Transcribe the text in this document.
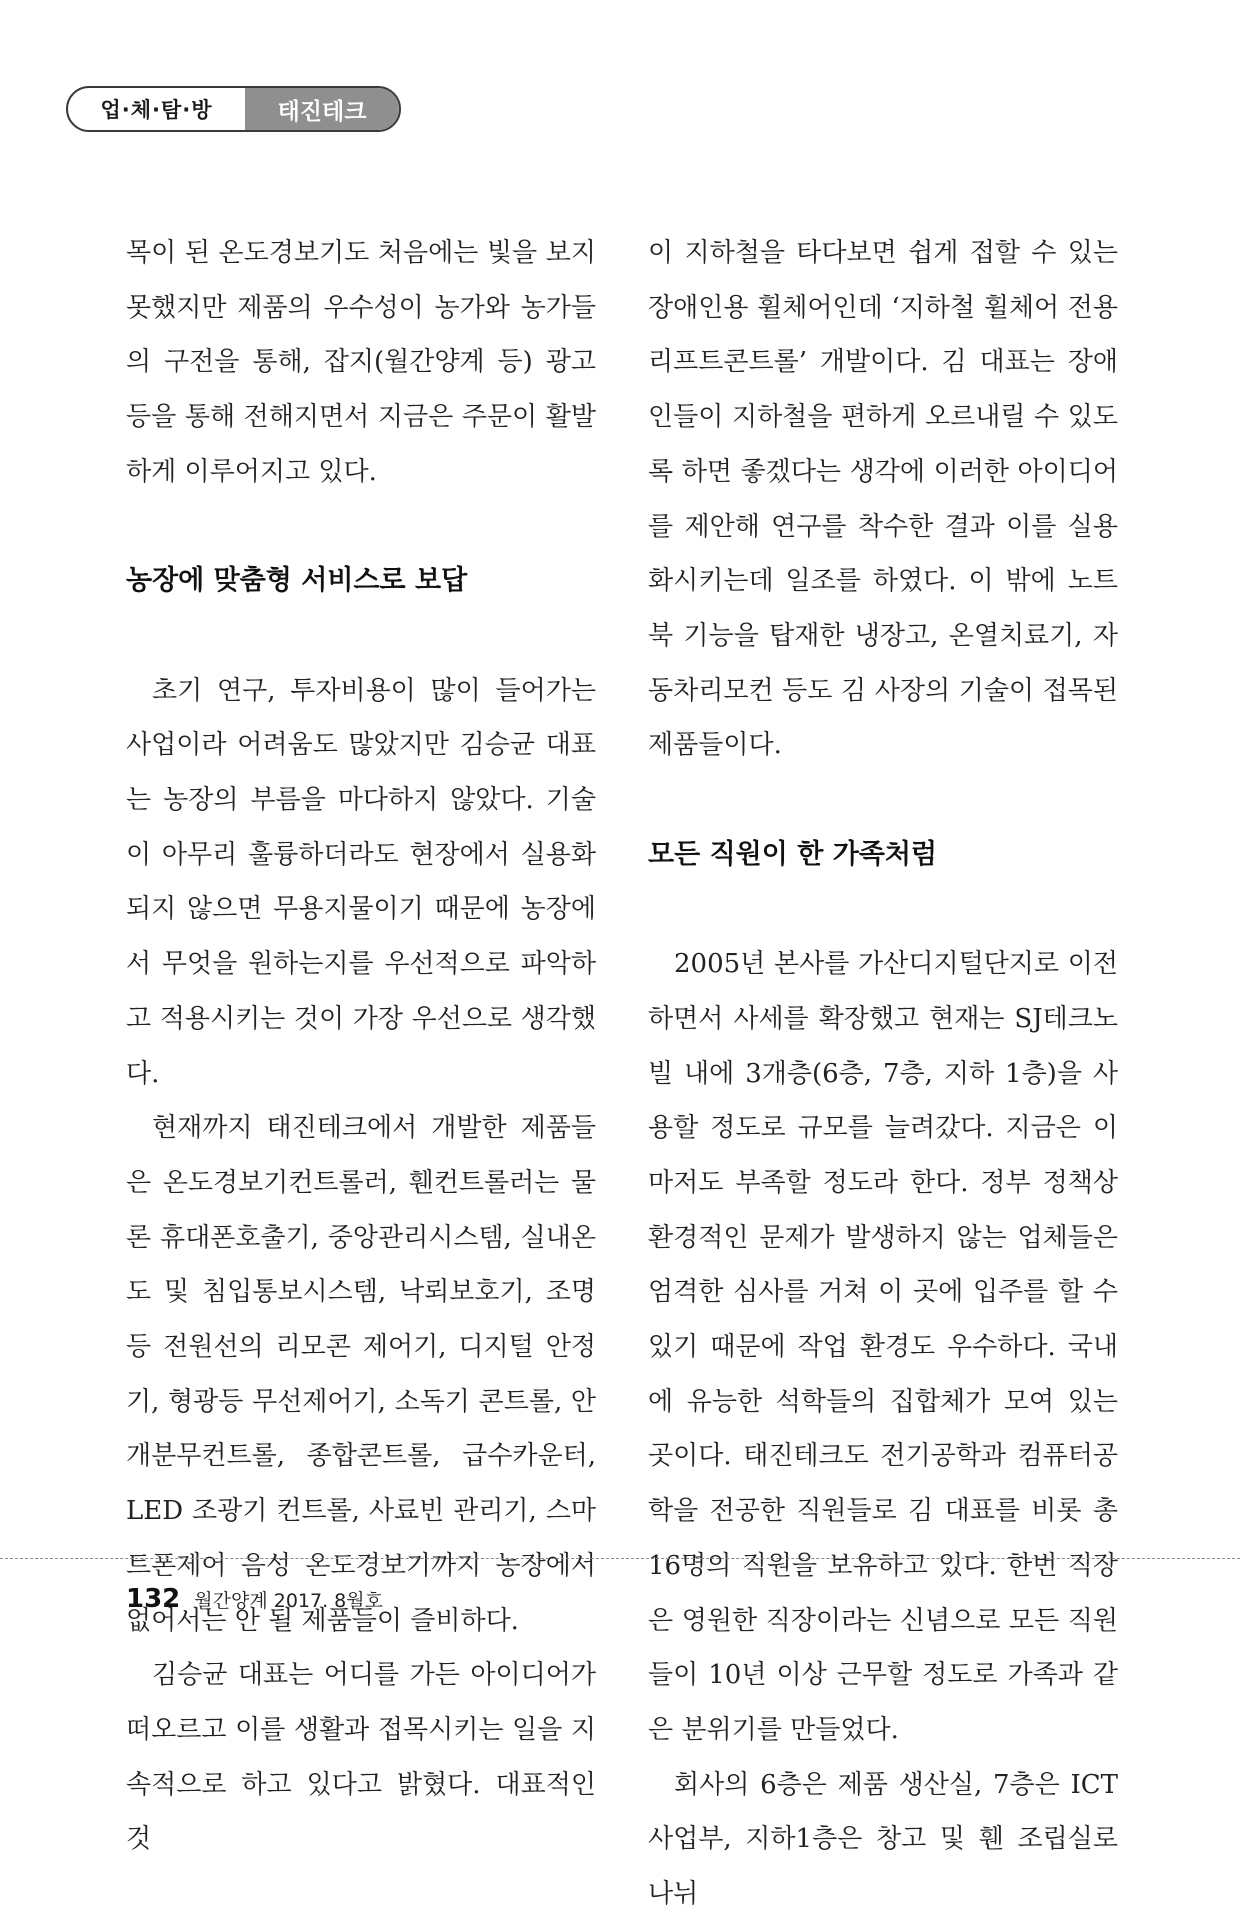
업·체·탐·방	태진테크

목이 된 온도경보기도 처음에는 빛을 보지 못했지만 제품의 우수성이 농가와 농가들의 구전을 통해, 잡지(월간양계 등) 광고 등을 통해 전해지면서 지금은 주문이 활발하게 이루어지고 있다.

농장에 맞춤형 서비스로 보답

초기 연구, 투자비용이 많이 들어가는 사업이라 어려움도 많았지만 김승균 대표는 농장의 부름을 마다하지 않았다. 기술이 아무리 훌륭하더라도 현장에서 실용화되지 않으면 무용지물이기 때문에 농장에서 무엇을 원하는지를 우선적으로 파악하고 적용시키는 것이 가장 우선으로 생각했다.

현재까지 태진테크에서 개발한 제품들은 온도경보기컨트롤러, 휀컨트롤러는 물론 휴대폰호출기, 중앙관리시스템, 실내온도 및 침입통보시스템, 낙뢰보호기, 조명등 전원선의 리모콘 제어기, 디지털 안정기, 형광등 무선제어기, 소독기 콘트롤, 안개분무컨트롤, 종합콘트롤, 급수카운터, LED 조광기 컨트롤, 사료빈 관리기, 스마트폰제어 음성 온도경보기까지 농장에서 없어서는 안 될 제품들이 즐비하다.

김승균 대표는 어디를 가든 아이디어가 떠오르고 이를 생활과 접목시키는 일을 지속적으로 하고 있다고 밝혔다. 대표적인 것

이 지하철을 타다보면 쉽게 접할 수 있는 장애인용 휠체어인데 ‘지하철 휠체어 전용 리프트콘트롤’ 개발이다. 김 대표는 장애인들이 지하철을 편하게 오르내릴 수 있도록 하면 좋겠다는 생각에 이러한 아이디어를 제안해 연구를 착수한 결과 이를 실용화시키는데 일조를 하였다. 이 밖에 노트북 기능을 탑재한 냉장고, 온열치료기, 자동차리모컨 등도 김 사장의 기술이 접목된 제품들이다.

모든 직원이 한 가족처럼

2005년 본사를 가산디지털단지로 이전하면서 사세를 확장했고 현재는 SJ테크노빌 내에 3개층(6층, 7층, 지하 1층)을 사용할 정도로 규모를 늘려갔다. 지금은 이마저도 부족할 정도라 한다. 정부 정책상 환경적인 문제가 발생하지 않는 업체들은 엄격한 심사를 거쳐 이 곳에 입주를 할 수 있기 때문에 작업 환경도 우수하다. 국내에 유능한 석학들의 집합체가 모여 있는 곳이다. 태진테크도 전기공학과 컴퓨터공학을 전공한 직원들로 김 대표를 비롯 총 16명의 직원을 보유하고 있다. 한번 직장은 영원한 직장이라는 신념으로 모든 직원들이 10년 이상 근무할 정도로 가족과 같은 분위기를 만들었다.

회사의 6층은 제품 생산실, 7층은 ICT 사업부, 지하1층은 창고 및 휀 조립실로 나뉘

132 월간양계 2017. 8월호
